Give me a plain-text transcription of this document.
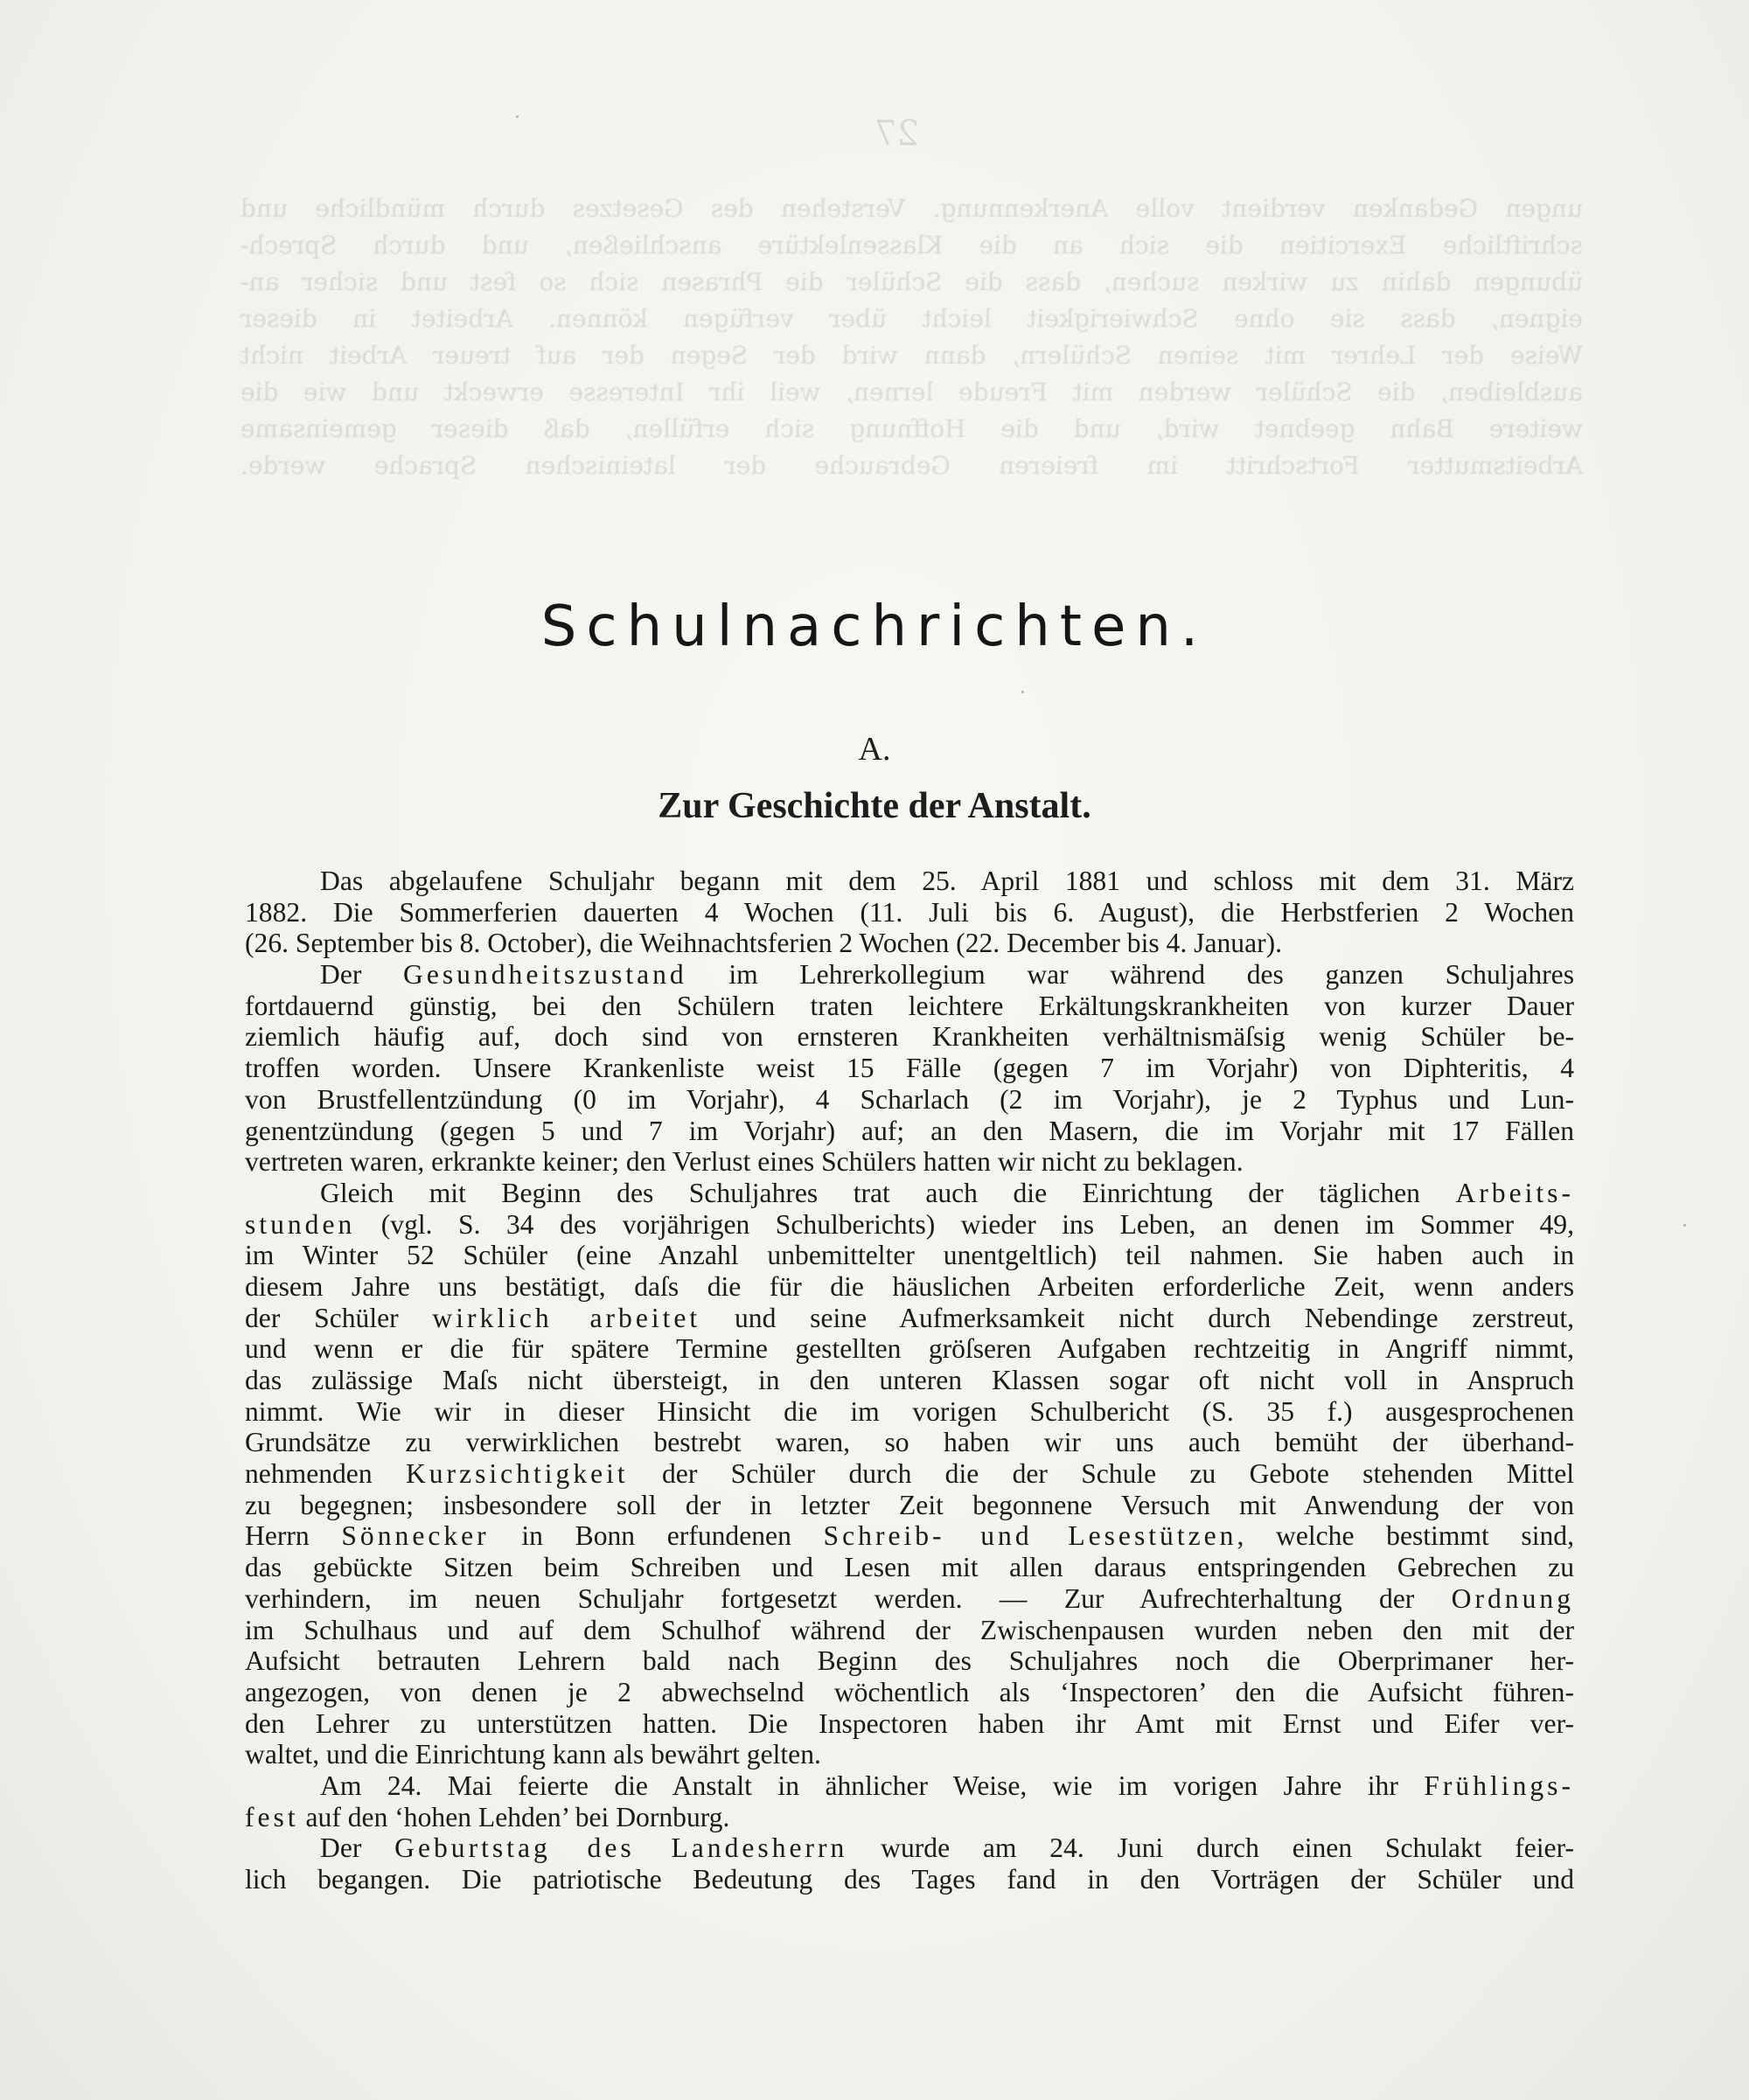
27
ungen Gedanken verdient volle Anerkennung. Verstehen des Gesetzes durch mündliche und
schriftliche Exercitien die sich an die Klassenlektüre anschließen, und durch Sprech-
übungen dahin zu wirken suchen, dass die Schüler die Phrasen sich so fest und sicher an-
eignen, dass sie ohne Schwierigkeit leicht über verfügen können. Arbeitet in dieser
Weise der Lehrer mit seinen Schülern, dann wird der Segen der auf treuer Arbeit nicht
ausbleiben, die Schüler werden mit Freude lernen, weil ihr Interesse erweckt und wie die
weitere Bahn geebnet wird, und die Hoffnung sich erfüllen, daß dieser gemeinsame
Arbeitsmutter Fortschritt im freieren Gebrauche der lateinischen Sprache werde.
Schulnachrichten.
A.
Zur Geschichte der Anstalt.
Das abgelaufene Schuljahr begann mit dem 25. April 1881 und schloss mit dem 31. März
1882. Die Sommerferien dauerten 4 Wochen (11. Juli bis 6. August), die Herbstferien 2 Wochen
(26. September bis 8. October), die Weihnachtsferien 2 Wochen (22. December bis 4. Januar).
Der Gesundheitszustand im Lehrerkollegium war während des ganzen Schuljahres
fortdauernd günstig, bei den Schülern traten leichtere Erkältungskrankheiten von kurzer Dauer
ziemlich häufig auf, doch sind von ernsteren Krankheiten verhältnismäſsig wenig Schüler be-
troffen worden. Unsere Krankenliste weist 15 Fälle (gegen 7 im Vorjahr) von Diphteritis, 4
von Brustfellentzündung (0 im Vorjahr), 4 Scharlach (2 im Vorjahr), je 2 Typhus und Lun-
genentzündung (gegen 5 und 7 im Vorjahr) auf; an den Masern, die im Vorjahr mit 17 Fällen
vertreten waren, erkrankte keiner; den Verlust eines Schülers hatten wir nicht zu beklagen.
Gleich mit Beginn des Schuljahres trat auch die Einrichtung der täglichen Arbeits-
stunden (vgl. S. 34 des vorjährigen Schulberichts) wieder ins Leben, an denen im Sommer 49,
im Winter 52 Schüler (eine Anzahl unbemittelter unentgeltlich) teil nahmen. Sie haben auch in
diesem Jahre uns bestätigt, daſs die für die häuslichen Arbeiten erforderliche Zeit, wenn anders
der Schüler wirklich arbeitet und seine Aufmerksamkeit nicht durch Nebendinge zerstreut,
und wenn er die für spätere Termine gestellten gröſseren Aufgaben rechtzeitig in Angriff nimmt,
das zulässige Maſs nicht übersteigt, in den unteren Klassen sogar oft nicht voll in Anspruch
nimmt. Wie wir in dieser Hinsicht die im vorigen Schulbericht (S. 35 f.) ausgesprochenen
Grundsätze zu verwirklichen bestrebt waren, so haben wir uns auch bemüht der überhand-
nehmenden Kurzsichtigkeit der Schüler durch die der Schule zu Gebote stehenden Mittel
zu begegnen; insbesondere soll der in letzter Zeit begonnene Versuch mit Anwendung der von
Herrn Sönnecker in Bonn erfundenen Schreib- und Lesestützen, welche bestimmt sind,
das gebückte Sitzen beim Schreiben und Lesen mit allen daraus entspringenden Gebrechen zu
verhindern, im neuen Schuljahr fortgesetzt werden. — Zur Aufrechterhaltung der Ordnung
im Schulhaus und auf dem Schulhof während der Zwischenpausen wurden neben den mit der
Aufsicht betrauten Lehrern bald nach Beginn des Schuljahres noch die Oberprimaner her-
angezogen, von denen je 2 abwechselnd wöchentlich als ‘Inspectoren’ den die Aufsicht führen-
den Lehrer zu unterstützen hatten. Die Inspectoren haben ihr Amt mit Ernst und Eifer ver-
waltet, und die Einrichtung kann als bewährt gelten.
Am 24. Mai feierte die Anstalt in ähnlicher Weise, wie im vorigen Jahre ihr Frühlings-
fest auf den ‘hohen Lehden’ bei Dornburg.
Der Geburtstag des Landesherrn wurde am 24. Juni durch einen Schulakt feier-
lich begangen. Die patriotische Bedeutung des Tages fand in den Vorträgen der Schüler und
